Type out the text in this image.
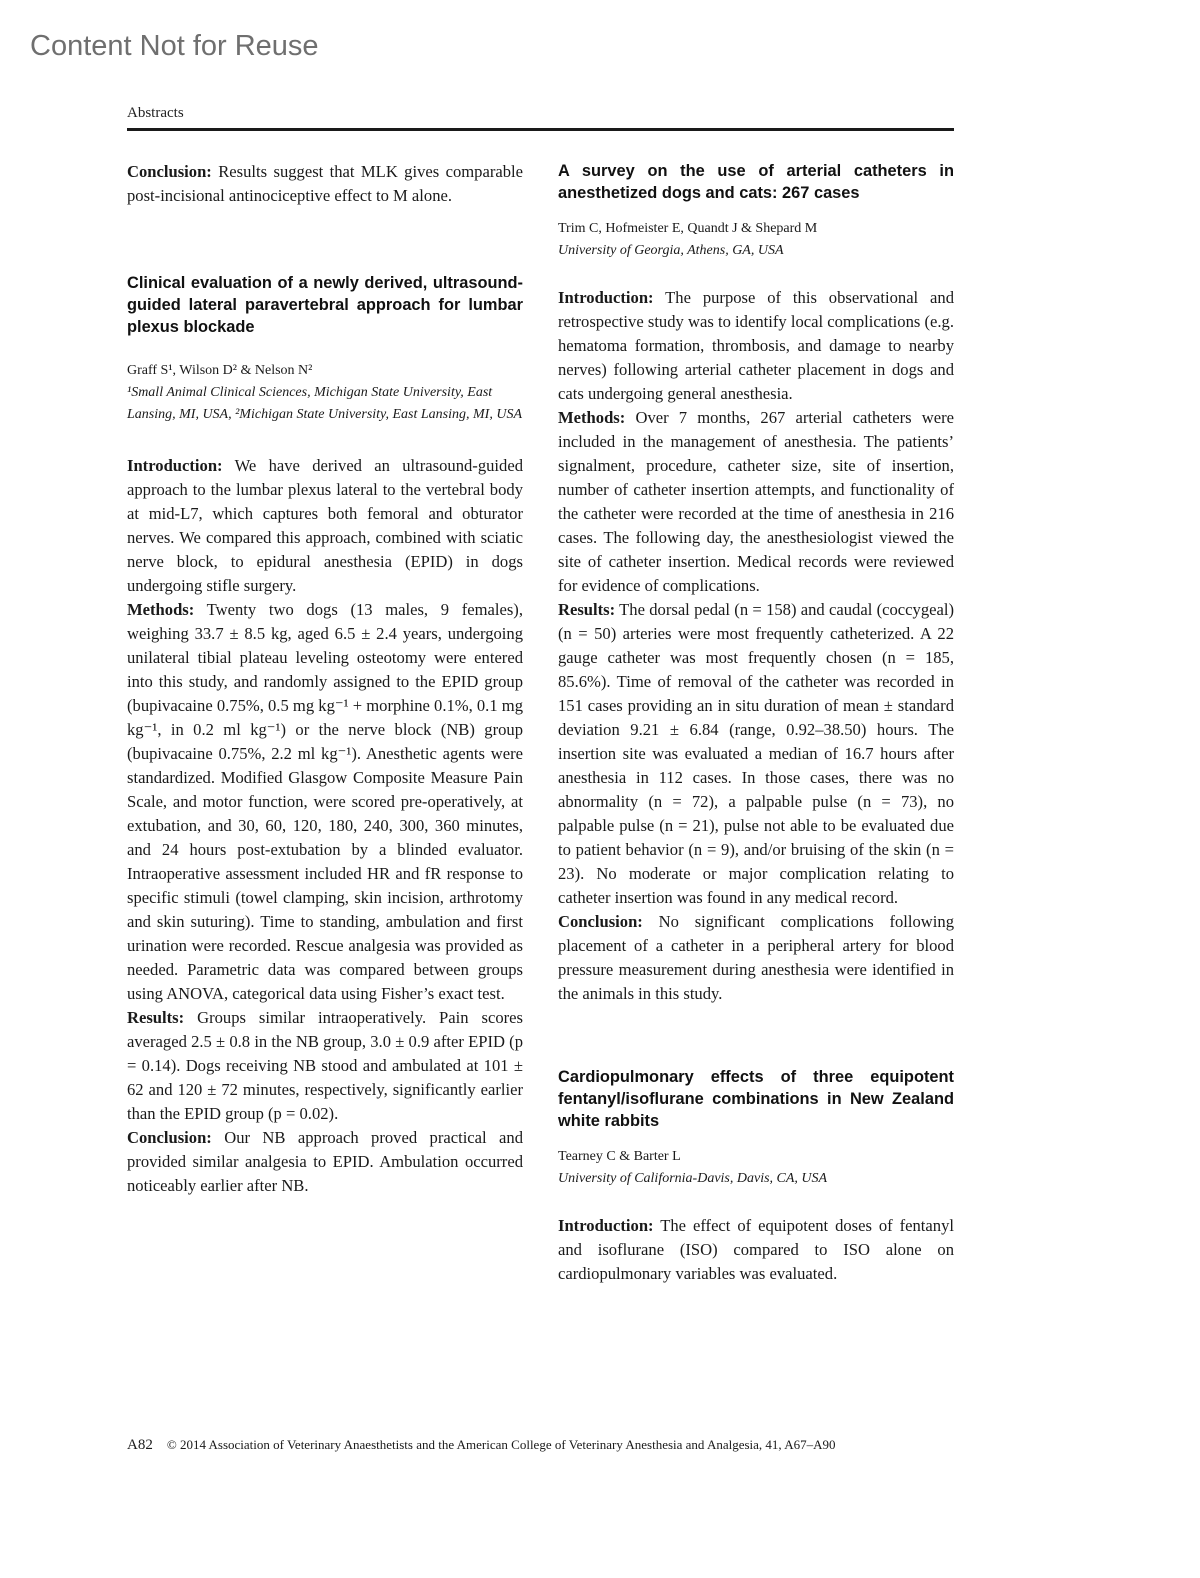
Content Not for Reuse
Abstracts

Conclusion: Results suggest that MLK gives comparable post-incisional antinociceptive effect to M alone.

Clinical evaluation of a newly derived, ultrasound-guided lateral paravertebral approach for lumbar plexus blockade

Graff S¹, Wilson D² & Nelson N²

¹Small Animal Clinical Sciences, Michigan State University, East Lansing, MI, USA, ²Michigan State University, East Lansing, MI, USA

Introduction: We have derived an ultrasound-guided approach to the lumbar plexus lateral to the vertebral body at mid-L7, which captures both femoral and obturator nerves. We compared this approach, combined with sciatic nerve block, to epidural anesthesia (EPID) in dogs undergoing stifle surgery.

Methods: Twenty two dogs (13 males, 9 females), weighing 33.7 ± 8.5 kg, aged 6.5 ± 2.4 years, undergoing unilateral tibial plateau leveling osteotomy were entered into this study, and randomly assigned to the EPID group (bupivacaine 0.75%, 0.5 mg kg⁻¹ + morphine 0.1%, 0.1 mg kg⁻¹, in 0.2 ml kg⁻¹) or the nerve block (NB) group (bupivacaine 0.75%, 2.2 ml kg⁻¹). Anesthetic agents were standardized. Modified Glasgow Composite Measure Pain Scale, and motor function, were scored pre-operatively, at extubation, and 30, 60, 120, 180, 240, 300, 360 minutes, and 24 hours post-extubation by a blinded evaluator. Intraoperative assessment included HR and fR response to specific stimuli (towel clamping, skin incision, arthrotomy and skin suturing). Time to standing, ambulation and first urination were recorded. Rescue analgesia was provided as needed. Parametric data was compared between groups using ANOVA, categorical data using Fisher’s exact test.

Results: Groups similar intraoperatively. Pain scores averaged 2.5 ± 0.8 in the NB group, 3.0 ± 0.9 after EPID (p = 0.14). Dogs receiving NB stood and ambulated at 101 ± 62 and 120 ± 72 minutes, respectively, significantly earlier than the EPID group (p = 0.02).

Conclusion: Our NB approach proved practical and provided similar analgesia to EPID. Ambulation occurred noticeably earlier after NB.

A survey on the use of arterial catheters in anesthetized dogs and cats: 267 cases

Trim C, Hofmeister E, Quandt J & Shepard M

University of Georgia, Athens, GA, USA

Introduction: The purpose of this observational and retrospective study was to identify local complications (e.g. hematoma formation, thrombosis, and damage to nearby nerves) following arterial catheter placement in dogs and cats undergoing general anesthesia.

Methods: Over 7 months, 267 arterial catheters were included in the management of anesthesia. The patients’ signalment, procedure, catheter size, site of insertion, number of catheter insertion attempts, and functionality of the catheter were recorded at the time of anesthesia in 216 cases. The following day, the anesthesiologist viewed the site of catheter insertion. Medical records were reviewed for evidence of complications.

Results: The dorsal pedal (n = 158) and caudal (coccygeal) (n = 50) arteries were most frequently catheterized. A 22 gauge catheter was most frequently chosen (n = 185, 85.6%). Time of removal of the catheter was recorded in 151 cases providing an in situ duration of mean ± standard deviation 9.21 ± 6.84 (range, 0.92–38.50) hours. The insertion site was evaluated a median of 16.7 hours after anesthesia in 112 cases. In those cases, there was no abnormality (n = 72), a palpable pulse (n = 73), no palpable pulse (n = 21), pulse not able to be evaluated due to patient behavior (n = 9), and/or bruising of the skin (n = 23). No moderate or major complication relating to catheter insertion was found in any medical record.

Conclusion: No significant complications following placement of a catheter in a peripheral artery for blood pressure measurement during anesthesia were identified in the animals in this study.

Cardiopulmonary effects of three equipotent fentanyl/isoflurane combinations in New Zealand white rabbits

Tearney C & Barter L

University of California-Davis, Davis, CA, USA

Introduction: The effect of equipotent doses of fentanyl and isoflurane (ISO) compared to ISO alone on cardiopulmonary variables was evaluated.

A82 © 2014 Association of Veterinary Anaesthetists and the American College of Veterinary Anesthesia and Analgesia, 41, A67–A90
